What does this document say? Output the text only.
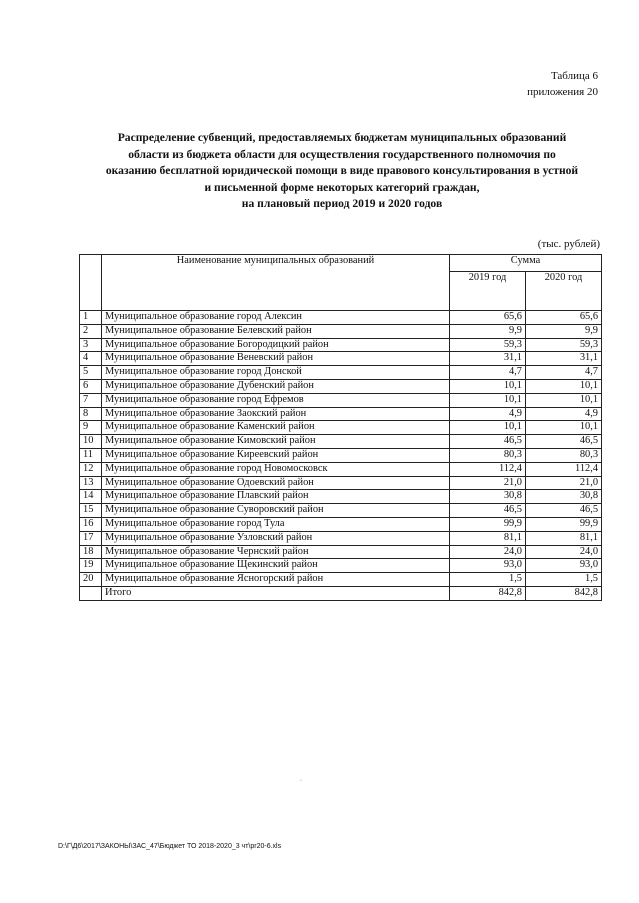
Таблица 6
приложения 20
Распределение субвенций, предоставляемых бюджетам муниципальных образований
области из бюджета области для осуществления государственного полномочия по
оказанию бесплатной юридической помощи в виде правового консультирования в устной
и письменной форме некоторых категорий граждан,
на плановый период 2019 и 2020 годов
(тыс. рублей)
	Наименование муниципальных образований	Сумма	
		2019 год	2020 год

1	Муниципальное образование город Алексин	65,6	65,6
2	Муниципальное образование Белевский район	9,9	9,9
3	Муниципальное образование Богородицкий район	59,3	59,3
4	Муниципальное образование Веневский район	31,1	31,1
5	Муниципальное образование город Донской	4,7	4,7
6	Муниципальное образование Дубенский район	10,1	10,1
7	Муниципальное образование город Ефремов	10,1	10,1
8	Муниципальное образование Заокский район	4,9	4,9
9	Муниципальное образование Каменский район	10,1	10,1
10	Муниципальное образование Кимовский район	46,5	46,5
11	Муниципальное образование Киреевский район	80,3	80,3
12	Муниципальное образование город Новомосковск	112,4	112,4
13	Муниципальное образование Одоевский район	21,0	21,0
14	Муниципальное образование Плавский район	30,8	30,8
15	Муниципальное образование Суворовский район	46,5	46,5
16	Муниципальное образование город Тула	99,9	99,9
17	Муниципальное образование Узловский район	81,1	81,1
18	Муниципальное образование Чернский район	24,0	24,0
19	Муниципальное образование Щекинский район	93,0	93,0
20	Муниципальное образование Ясногорский район	1,5	1,5
	Итого	842,8	842,8
·
D:\Г\Д6\2017\ЗАКОНЫ\ЗАС_47\Бюджет ТО 2018-2020_3 чт\pr20-6.xls
